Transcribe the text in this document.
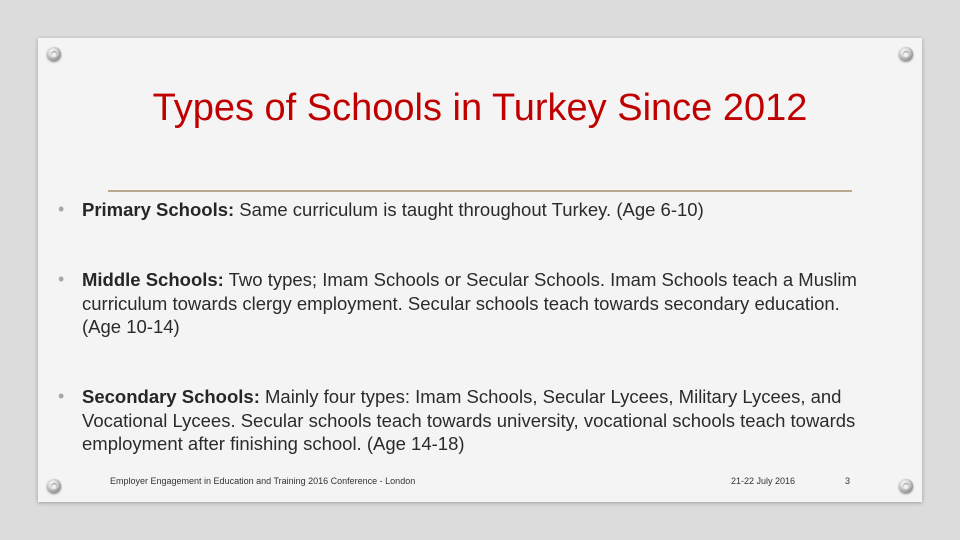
Types of Schools in Turkey Since 2012
• Primary Schools: Same curriculum is taught throughout Turkey. (Age 6-10)
• Middle Schools: Two types; Imam Schools or Secular Schools. Imam Schools teach a Muslim curriculum towards clergy employment. Secular schools teach towards secondary education. (Age 10-14)
• Secondary Schools: Mainly four types: Imam Schools, Secular Lycees, Military Lycees, and Vocational Lycees. Secular schools teach towards university, vocational schools teach towards employment after finishing school. (Age 14-18)
Employer Engagement in Education and Training 2016 Conference - London	21-22 July 2016	3
